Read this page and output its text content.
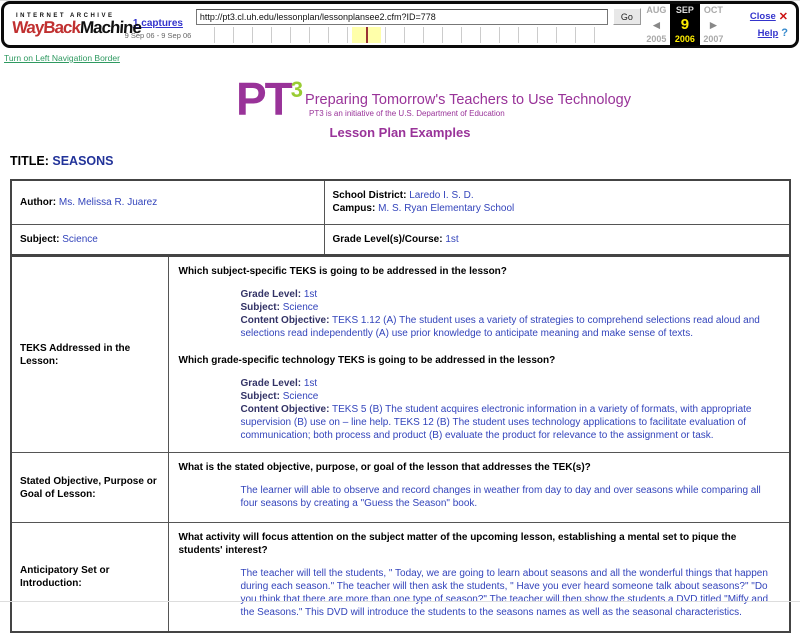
INTERNET ARCHIVE
WayBackMachine
1 captures
9 Sep 06 - 9 Sep 06
http://pt3.cl.uh.edu/lessonplan/lessonplansee2.cfm?ID=778
Go
AUG	SEP	OCT
◄	9	►
2005 2006 2007
Close ✕
Help ?
Turn on Left Navigation Border
$PT^3$ Preparing Tomorrow's Teachers to Use Technology
PT3 is an initiative of the U.S. Department of Education
Lesson Plan Examples
TITLE: SEASONS
Author: Ms. Melissa R. Juarez	School District: Laredo I. S. D.
Campus: M. S. Ryan Elementary School

Subject: Science	Grade Level(s)/Course: 1st
TEKS Addressed in the Lesson:	
Which subject-specific TEKS is going to be addressed in the lesson?
Grade Level: 1st
Subject: Science
Content Objective: TEKS 1.12 (A) The student uses a variety of strategies to comprehend selections read aloud and selections read independently (A) use prior knowledge to anticipate meaning and make sense of texts.
Which grade-specific technology TEKS is going to be addressed in the lesson?
Grade Level: 1st
Subject: Science
Content Objective: TEKS 5 (B) The student acquires electronic information in a variety of formats, with appropriate supervision (B) use on – line help. TEKS 12 (B) The student uses technology applications to facilitate evaluation of communication; both process and product (B) evaluate the product for relevance to the assignment or task.

Stated Objective, Purpose or Goal of Lesson:	What is the stated objective, purpose, or goal of the lesson that addresses the TEK(s)?
The learner will able to observe and record changes in weather from day to day and over seasons while comparing all four seasons by creating a "Guess the Season" book.

Anticipatory Set or Introduction:	What activity will focus attention on the subject matter of the upcoming lesson, establishing a mental set to pique the students' interest?
The teacher will tell the students, " Today, we are going to learn about seasons and all the wonderful things that happen during each season." The teacher will then ask the students, " Have you ever heard someone talk about seasons?" "Do you think that there are more than one type of season?" The teacher will then show the students a DVD titled "Miffy and the Seasons." This DVD will introduce the students to the seasons names as well as the seasonal characteristics.
